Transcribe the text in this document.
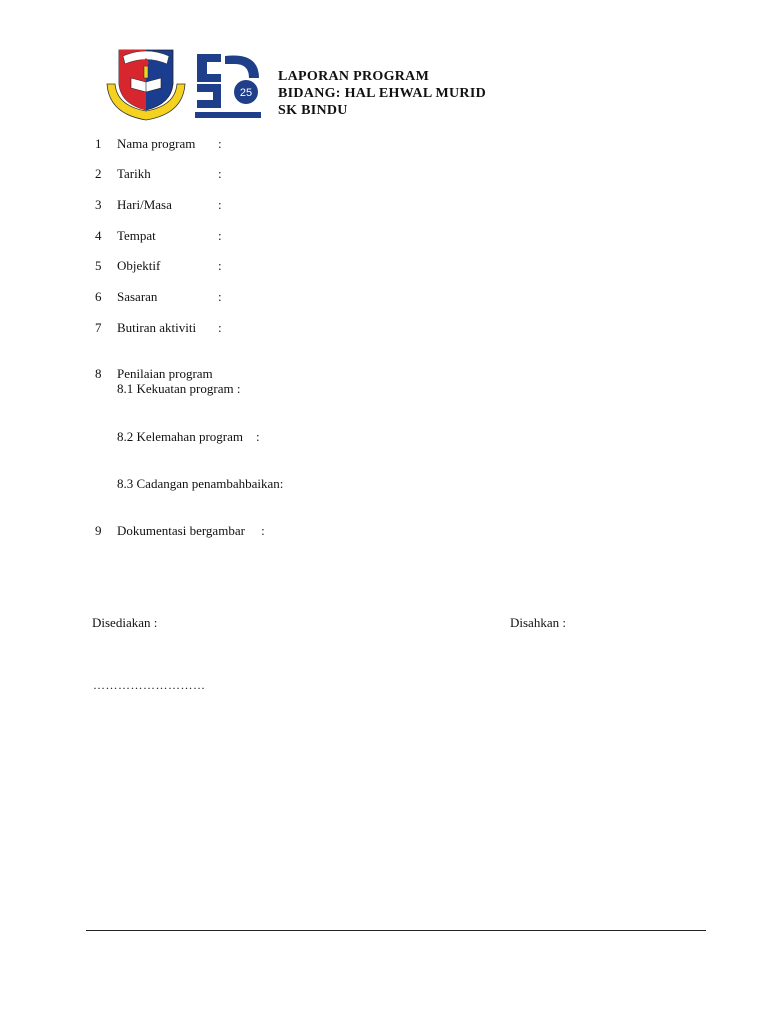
25
LAPORAN PROGRAM
BIDANG: HAL EHWAL MURID
SK BINDU
1 Nama program :
2 Tarikh	:
3 Hari/Masa	:
4 Tempat	:
5 Objektif	:
6 Sasaran	:
7 Butiran aktiviti :
8 Penilaian program
8.1 Kekuatan program :
8.2 Kelemahan program    :
8.3 Cadangan penambahbaikan:
9 Dokumentasi bergambar     :
Disediakan :	Disahkan :
………………………
